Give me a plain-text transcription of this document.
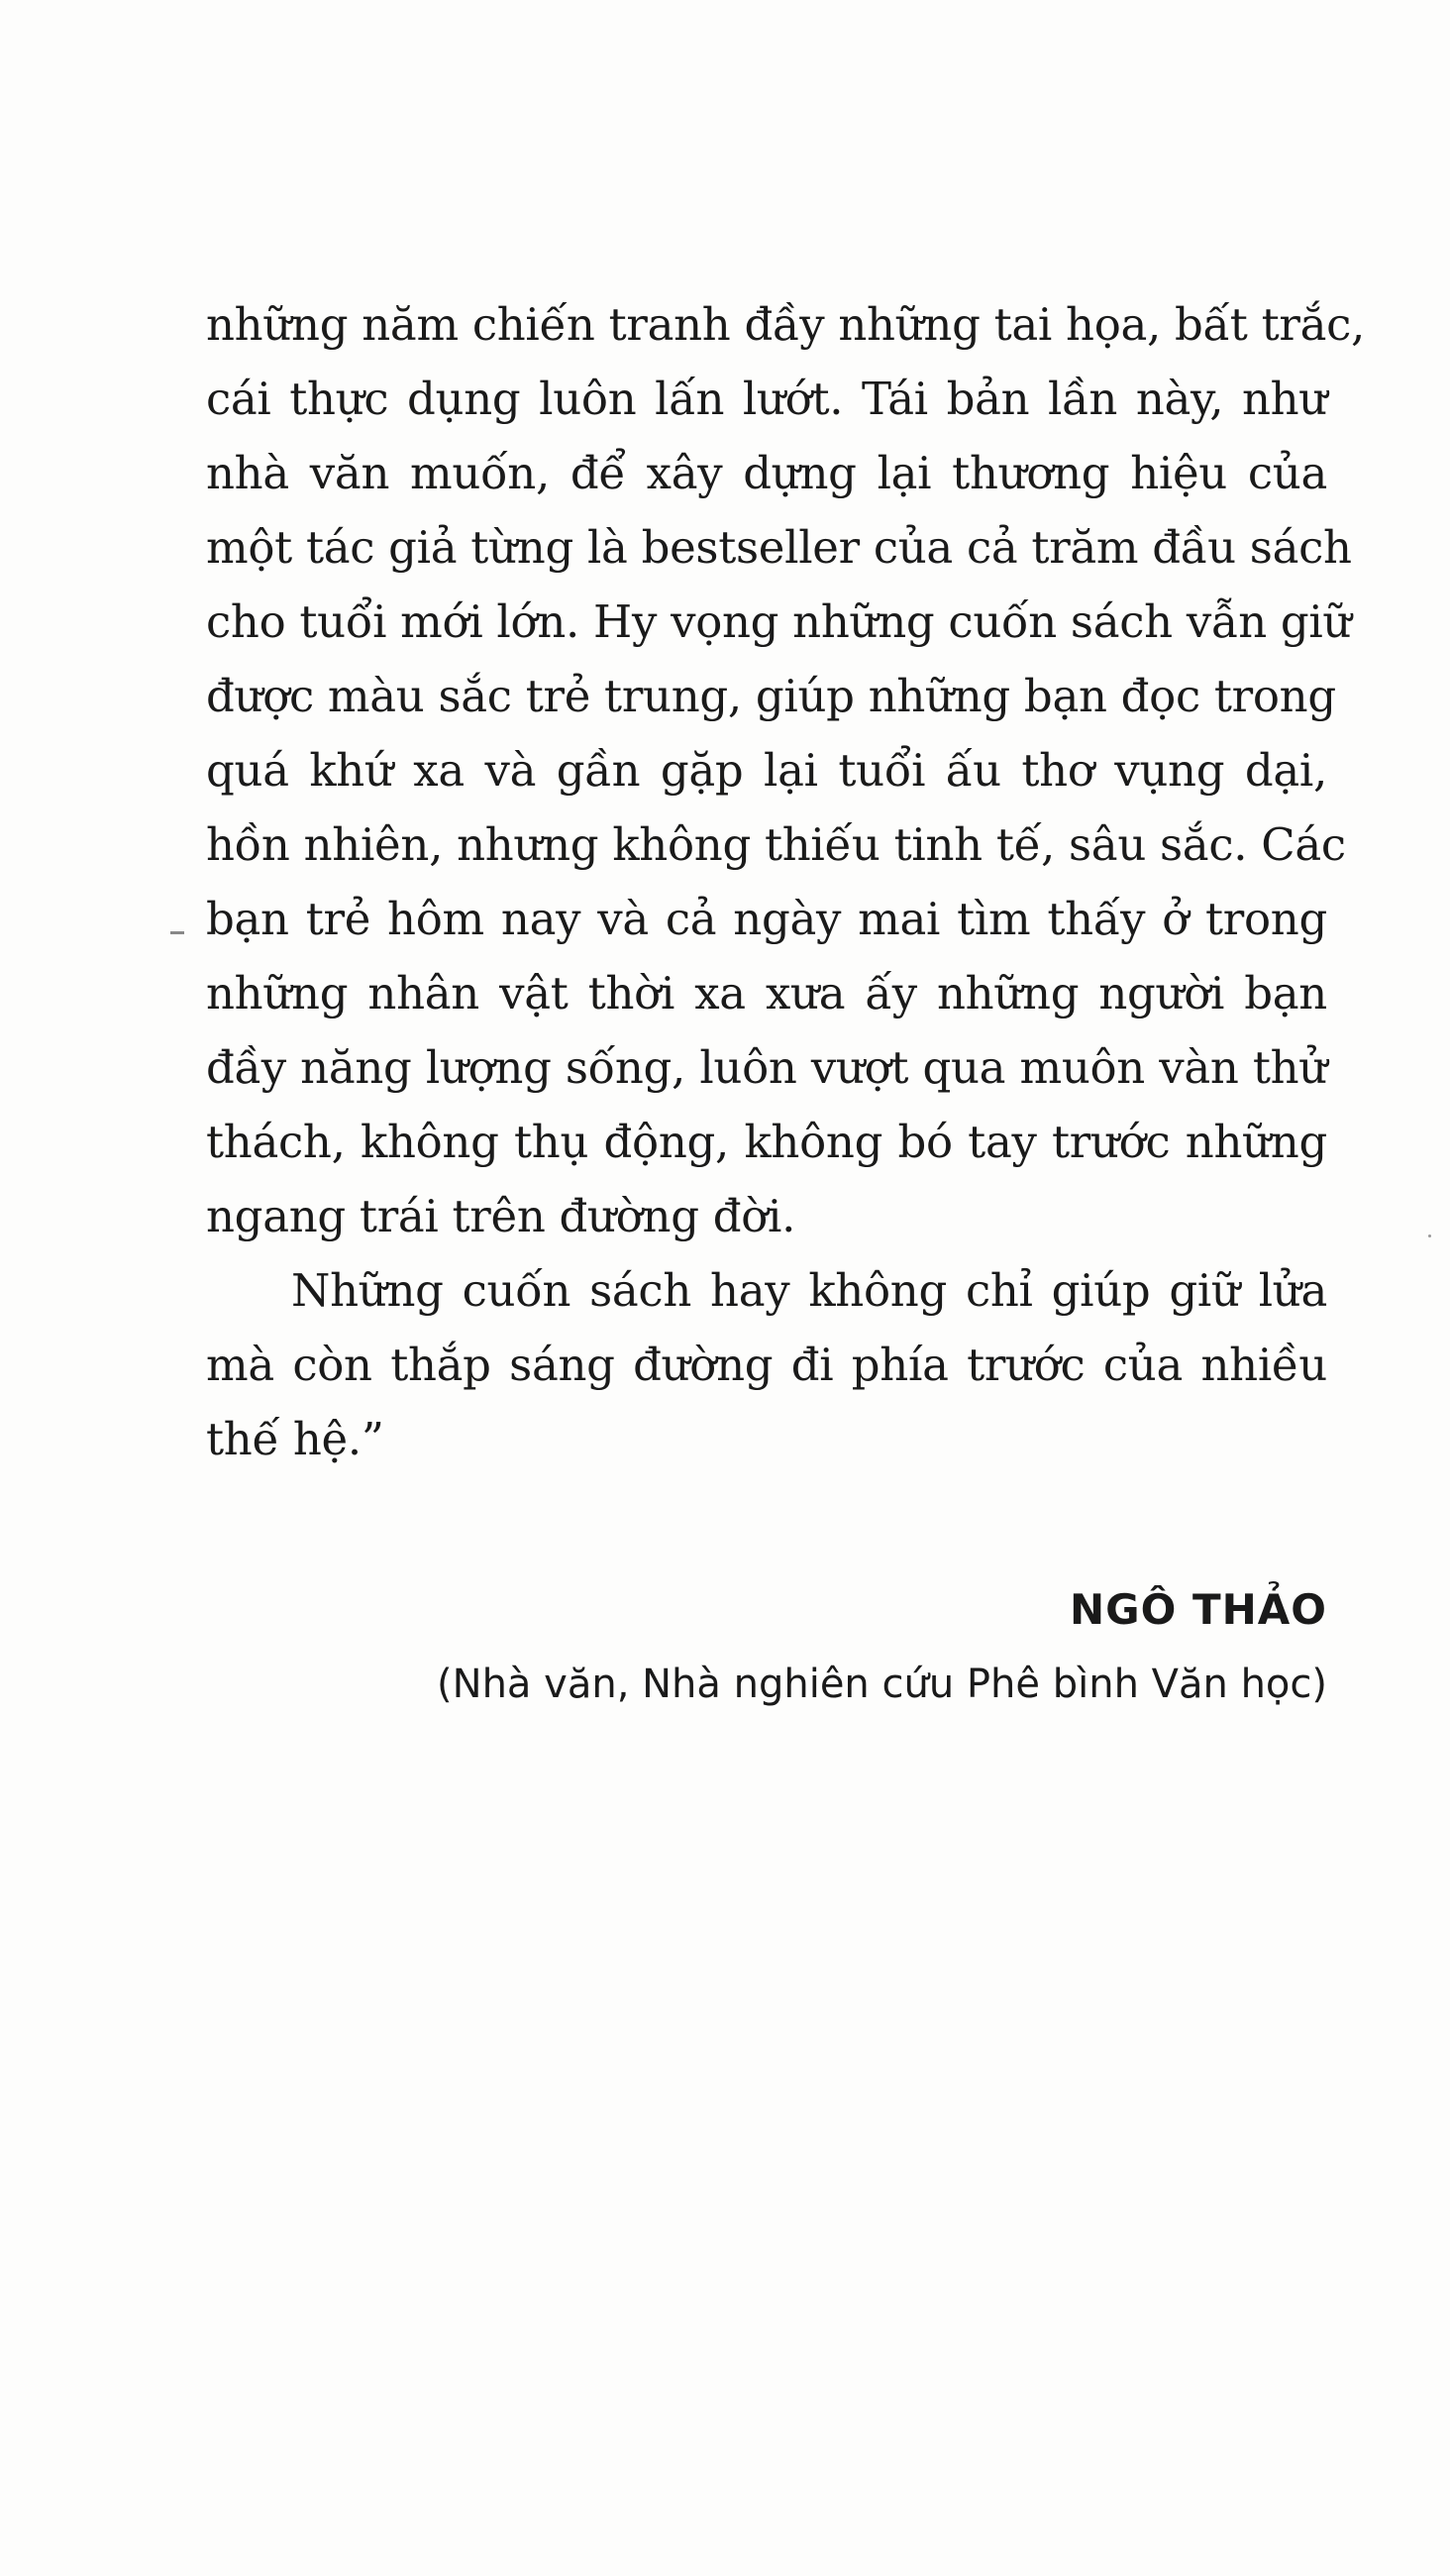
những năm chiến tranh đầy những tai họa, bất trắc,
cái thực dụng luôn lấn lướt. Tái bản lần này, như
nhà văn muốn, để xây dựng lại thương hiệu của
một tác giả từng là bestseller của cả trăm đầu sách
cho tuổi mới lớn. Hy vọng những cuốn sách vẫn giữ
được màu sắc trẻ trung, giúp những bạn đọc trong
quá khứ xa và gần gặp lại tuổi ấu thơ vụng dại,
hồn nhiên, nhưng không thiếu tinh tế, sâu sắc. Các
bạn trẻ hôm nay và cả ngày mai tìm thấy ở trong
những nhân vật thời xa xưa ấy những người bạn
đầy năng lượng sống, luôn vượt qua muôn vàn thử
thách, không thụ động, không bó tay trước những
ngang trái trên đường đời.
Những cuốn sách hay không chỉ giúp giữ lửa
mà còn thắp sáng đường đi phía trước của nhiều
thế hệ.”
NGÔ THẢO
(Nhà văn, Nhà nghiên cứu Phê bình Văn học)
